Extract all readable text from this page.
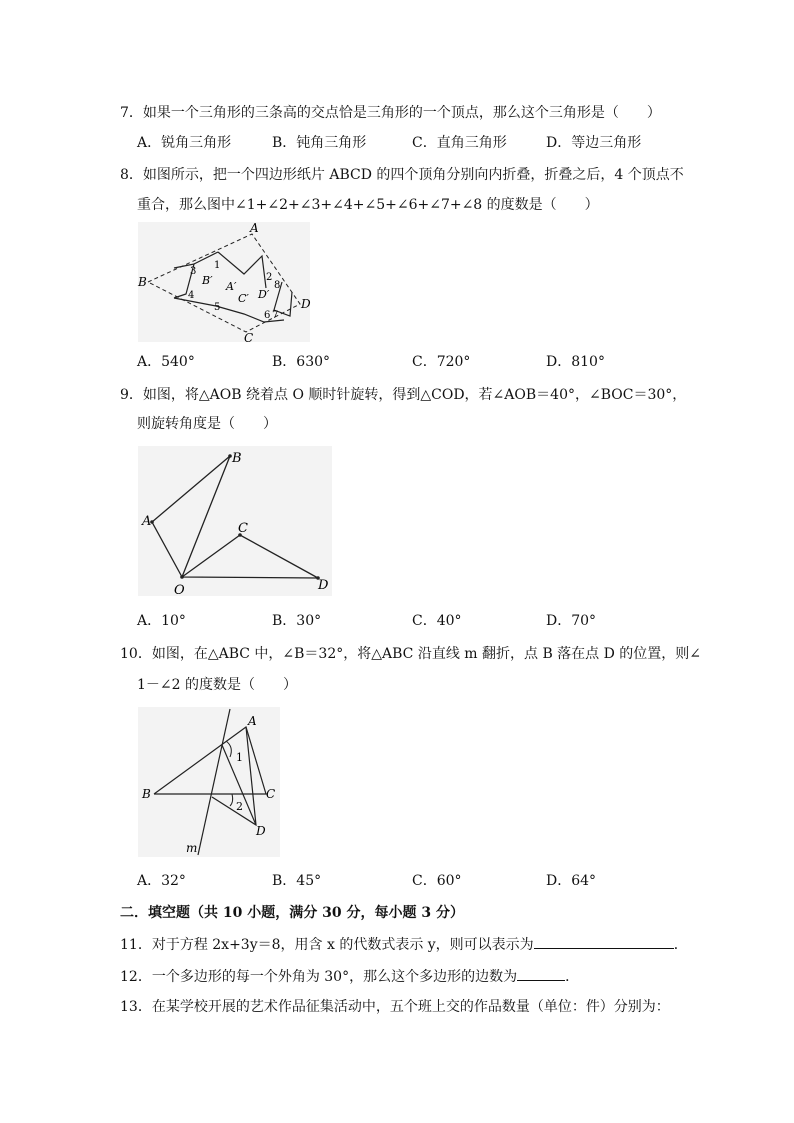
7．如果一个三角形的三条高的交点恰是三角形的一个顶点，那么这个三角形是（　　）
A．锐角三角形	B．钝角三角形	C．直角三角形	D．等边三角形
8．如图所示，把一个四边形纸片 ABCD 的四个顶角分别向内折叠，折叠之后，4 个顶点不
重合，那么图中∠1+∠2+∠3+∠4+∠5+∠6+∠7+∠8 的度数是（　　）
A
B
C
D
B′ A′
C′ D′
1
2
3
4
5
6 7
8
A．540°	B．630°	C．720°	D．810°
9．如图，将△AOB 绕着点 O 顺时针旋转，得到△COD，若∠AOB＝40°，∠BOC＝30°，
则旋转角度是（　　）
A
B
C
D
O
A．10°	B．30°	C．40°	D．70°
10．如图，在△ABC 中，∠B＝32°，将△ABC 沿直线 m 翻折，点 B 落在点 D 的位置，则∠
1－∠2 的度数是（　　）
A
B	C
D
m
1
2
A．32°	B．45°	C．60°	D．64°
二．填空题（共 10 小题，满分 30 分，每小题 3 分）
11．对于方程 2x+3y＝8，用含 x 的代数式表示 y，则可以表示为	．
12．一个多边形的每一个外角为 30°，那么这个多边形的边数为	．
13．在某学校开展的艺术作品征集活动中，五个班上交的作品数量（单位：件）分别为：
